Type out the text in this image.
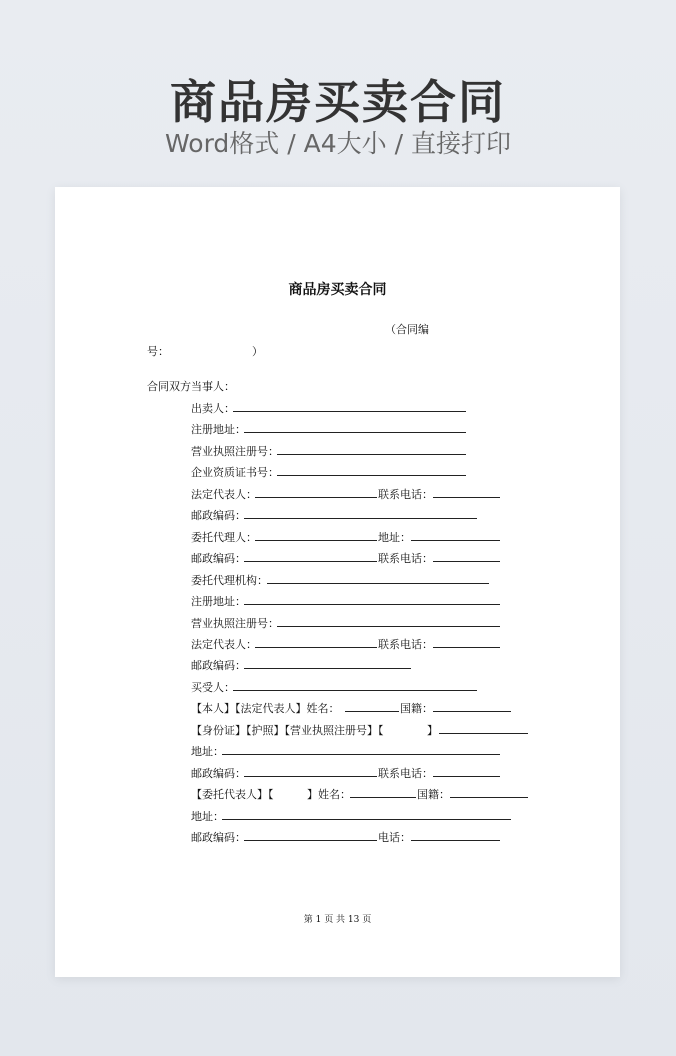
商品房买卖合同
Word格式 / A4大小 / 直接打印
商品房买卖合同
（合同编
号：	）
合同双方当事人：
出卖人：
注册地址：
营业执照注册号：
企业资质证书号：
法定代表人：	联系电话：
邮政编码：
委托代理人：	地址：
邮政编码：	联系电话：
委托代理机构：
注册地址：
营业执照注册号：
法定代表人：	联系电话：
邮政编码：
买受人：
【本人】【法定代表人】姓名：	国籍：
【身份证】【护照】【营业执照注册号】【	】
地址：
邮政编码：	联系电话：
【委托代表人】【	】姓名：	国籍：
地址：
邮政编码：	电话：
第 1 页 共 13 页
